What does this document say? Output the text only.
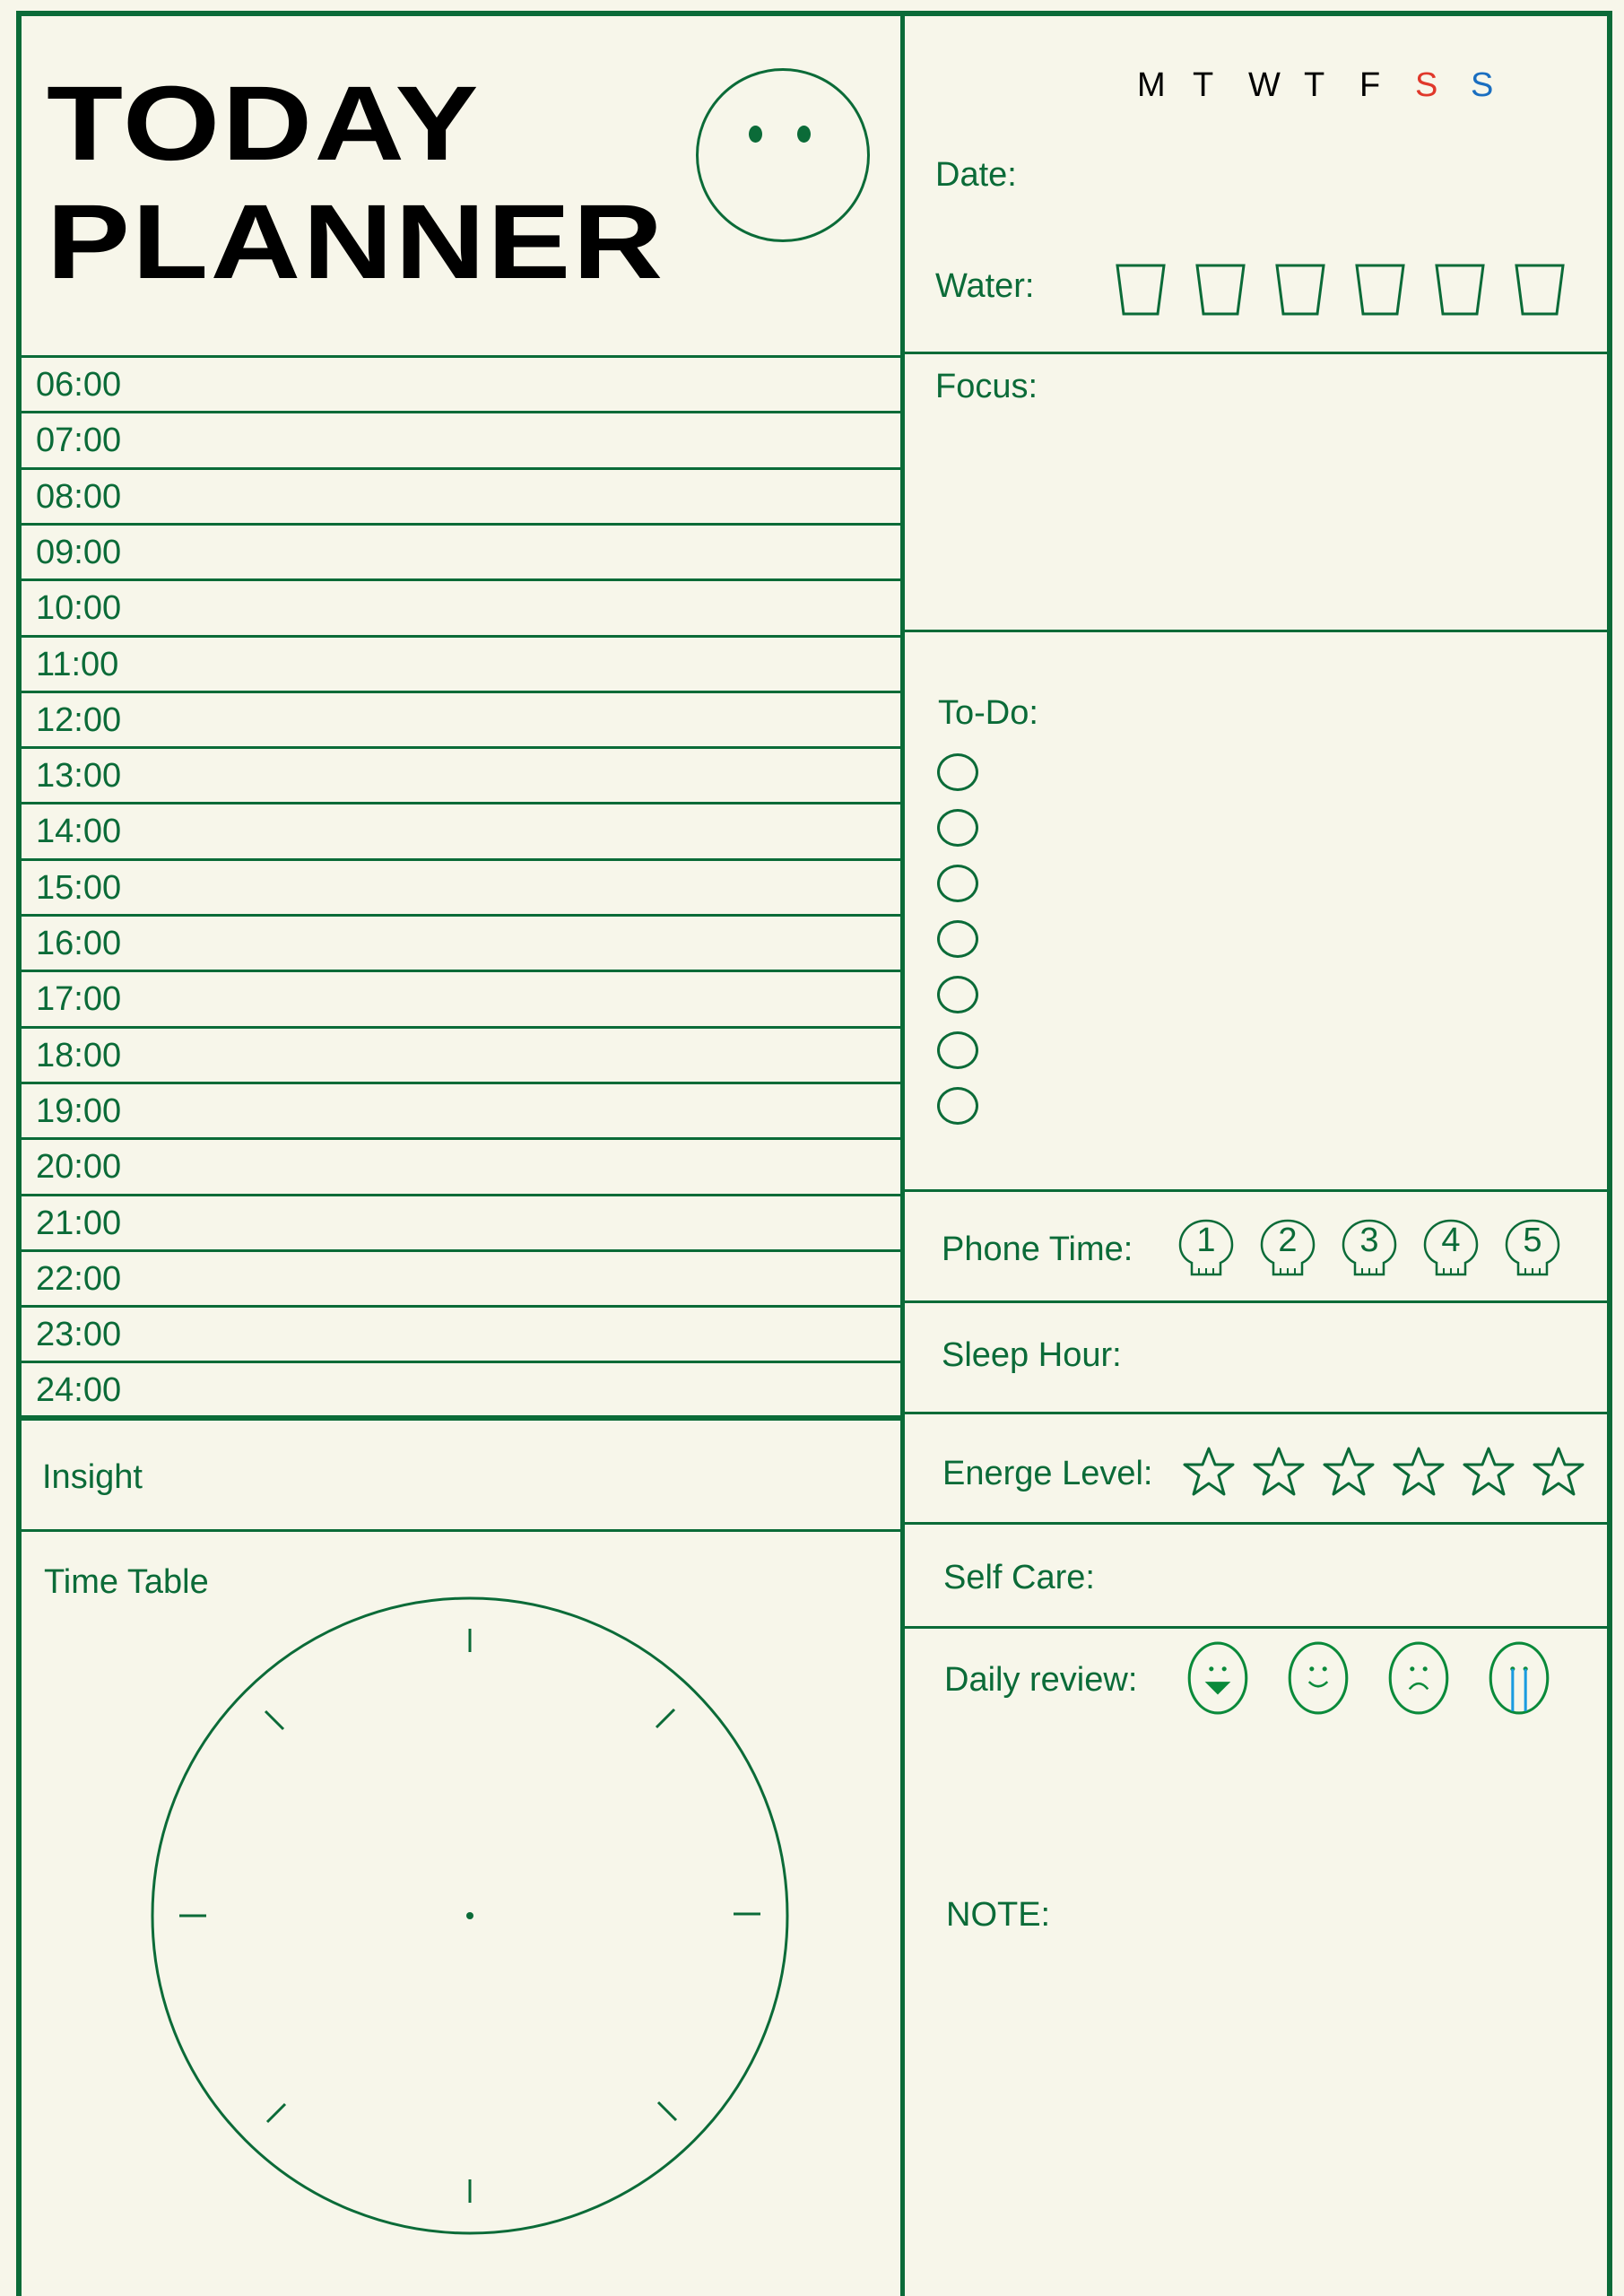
TODAY
PLANNER
M T	W T	F	S S
Date:
Water:
06:00
07:00
08:00
09:00
10:00
11:00
12:00
13:00
14:00
15:00
16:00
17:00
18:00
19:00
20:00
21:00
22:00
23:00
24:00
Focus:
To-Do:
Phone Time:	1	2	3	4	5
Sleep Hour:
Energe Level:
Self Care:
Daily review:
NOTE:
Insight
Time Table
